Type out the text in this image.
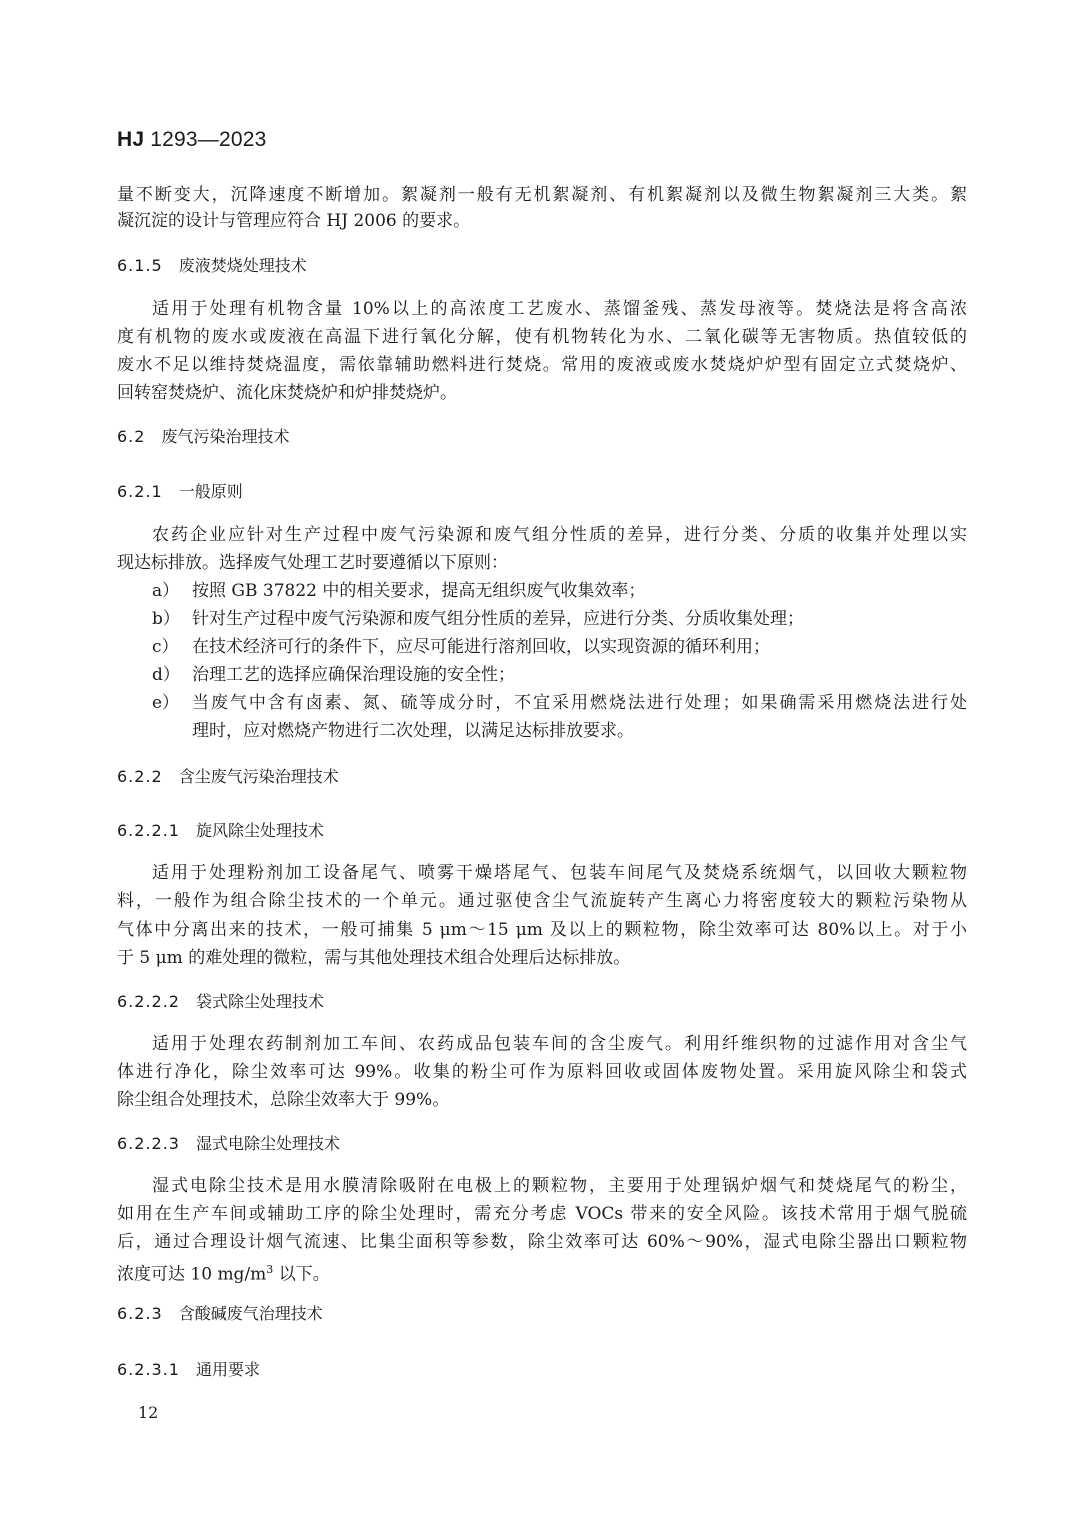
HJ 1293—2023
量不断变大，沉降速度不断增加。絮凝剂一般有无机絮凝剂、有机絮凝剂以及微生物絮凝剂三大类。絮
凝沉淀的设计与管理应符合 HJ 2006 的要求。
6.1.5 废液焚烧处理技术
适用于处理有机物含量 10%以上的高浓度工艺废水、蒸馏釜残、蒸发母液等。焚烧法是将含高浓
度有机物的废水或废液在高温下进行氧化分解，使有机物转化为水、二氧化碳等无害物质。热值较低的
废水不足以维持焚烧温度，需依靠辅助燃料进行焚烧。常用的废液或废水焚烧炉炉型有固定立式焚烧炉、
回转窑焚烧炉、流化床焚烧炉和炉排焚烧炉。
6.2 废气污染治理技术
6.2.1 一般原则
农药企业应针对生产过程中废气污染源和废气组分性质的差异，进行分类、分质的收集并处理以实
现达标排放。选择废气处理工艺时要遵循以下原则：
a） 按照 GB 37822 中的相关要求，提高无组织废气收集效率；
b） 针对生产过程中废气污染源和废气组分性质的差异，应进行分类、分质收集处理；
c） 在技术经济可行的条件下，应尽可能进行溶剂回收，以实现资源的循环利用；
d） 治理工艺的选择应确保治理设施的安全性；
e） 当废气中含有卤素、氮、硫等成分时，不宜采用燃烧法进行处理；如果确需采用燃烧法进行处
理时，应对燃烧产物进行二次处理，以满足达标排放要求。
6.2.2 含尘废气污染治理技术
6.2.2.1 旋风除尘处理技术
适用于处理粉剂加工设备尾气、喷雾干燥塔尾气、包装车间尾气及焚烧系统烟气，以回收大颗粒物
料，一般作为组合除尘技术的一个单元。通过驱使含尘气流旋转产生离心力将密度较大的颗粒污染物从
气体中分离出来的技术，一般可捕集 5 μm～15 μm 及以上的颗粒物，除尘效率可达 80%以上。对于小
于 5 μm 的难处理的微粒，需与其他处理技术组合处理后达标排放。
6.2.2.2 袋式除尘处理技术
适用于处理农药制剂加工车间、农药成品包装车间的含尘废气。利用纤维织物的过滤作用对含尘气
体进行净化，除尘效率可达 99%。收集的粉尘可作为原料回收或固体废物处置。采用旋风除尘和袋式
除尘组合处理技术，总除尘效率大于 99%。
6.2.2.3 湿式电除尘处理技术
湿式电除尘技术是用水膜清除吸附在电极上的颗粒物，主要用于处理锅炉烟气和焚烧尾气的粉尘，
如用在生产车间或辅助工序的除尘处理时，需充分考虑 VOCs 带来的安全风险。该技术常用于烟气脱硫
后，通过合理设计烟气流速、比集尘面积等参数，除尘效率可达 60%～90%，湿式电除尘器出口颗粒物
浓度可达 10 $mg/m^3$ 以下。
6.2.3 含酸碱废气治理技术
6.2.3.1 通用要求
12
